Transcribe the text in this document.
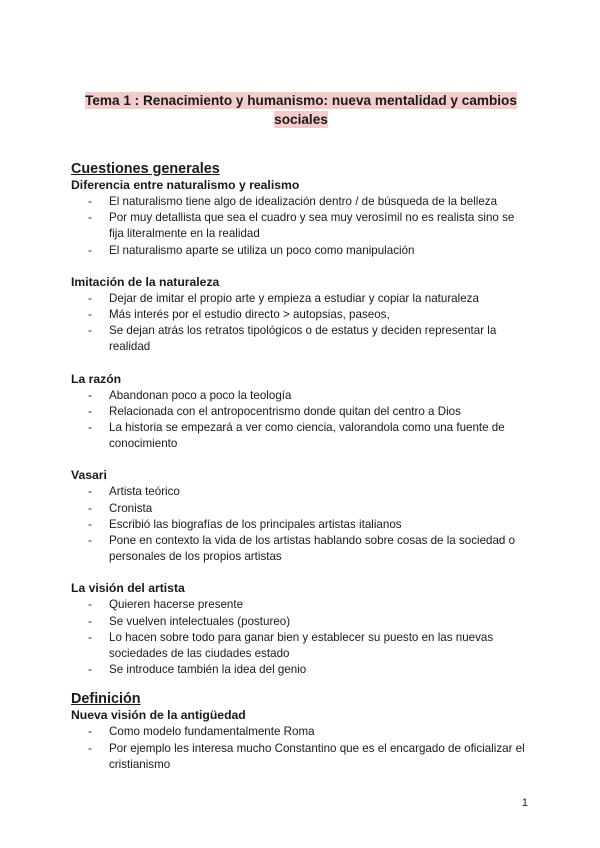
Tema 1 : Renacimiento y humanismo: nueva mentalidad y cambios sociales
Cuestiones generales
Diferencia entre naturalismo y realismo
- El naturalismo tiene algo de idealización dentro / de búsqueda de la belleza
- Por muy detallista que sea el cuadro y sea muy verosímil no es realista sino se fija literalmente en la realidad
- El naturalismo aparte se utiliza un poco como manipulación
Imitación de la naturaleza
- Dejar de imitar el propio arte y empieza a estudiar y copiar la naturaleza
- Más interés por el estudio directo > autopsias, paseos,
- Se dejan atrás los retratos tipológicos o de estatus y deciden representar la realidad
La razón
- Abandonan poco a poco la teología
- Relacionada con el antropocentrismo donde quitan del centro a Dios
- La historia se empezará a ver como ciencia, valorandola como una fuente de conocimiento
Vasari
- Artista teórico
- Cronista
- Escribió las biografías de los principales artistas italianos
- Pone en contexto la vida de los artistas hablando sobre cosas de la sociedad o personales de los propios artistas
La visión del artista
- Quieren hacerse presente
- Se vuelven intelectuales (postureo)
- Lo hacen sobre todo para ganar bien y establecer su puesto en las nuevas sociedades de las ciudades estado
- Se introduce también la idea del genio
Definición
Nueva visión de la antigüedad
- Como modelo fundamentalmente Roma
- Por ejemplo les interesa mucho Constantino que es el encargado de oficializar el cristianismo
1
